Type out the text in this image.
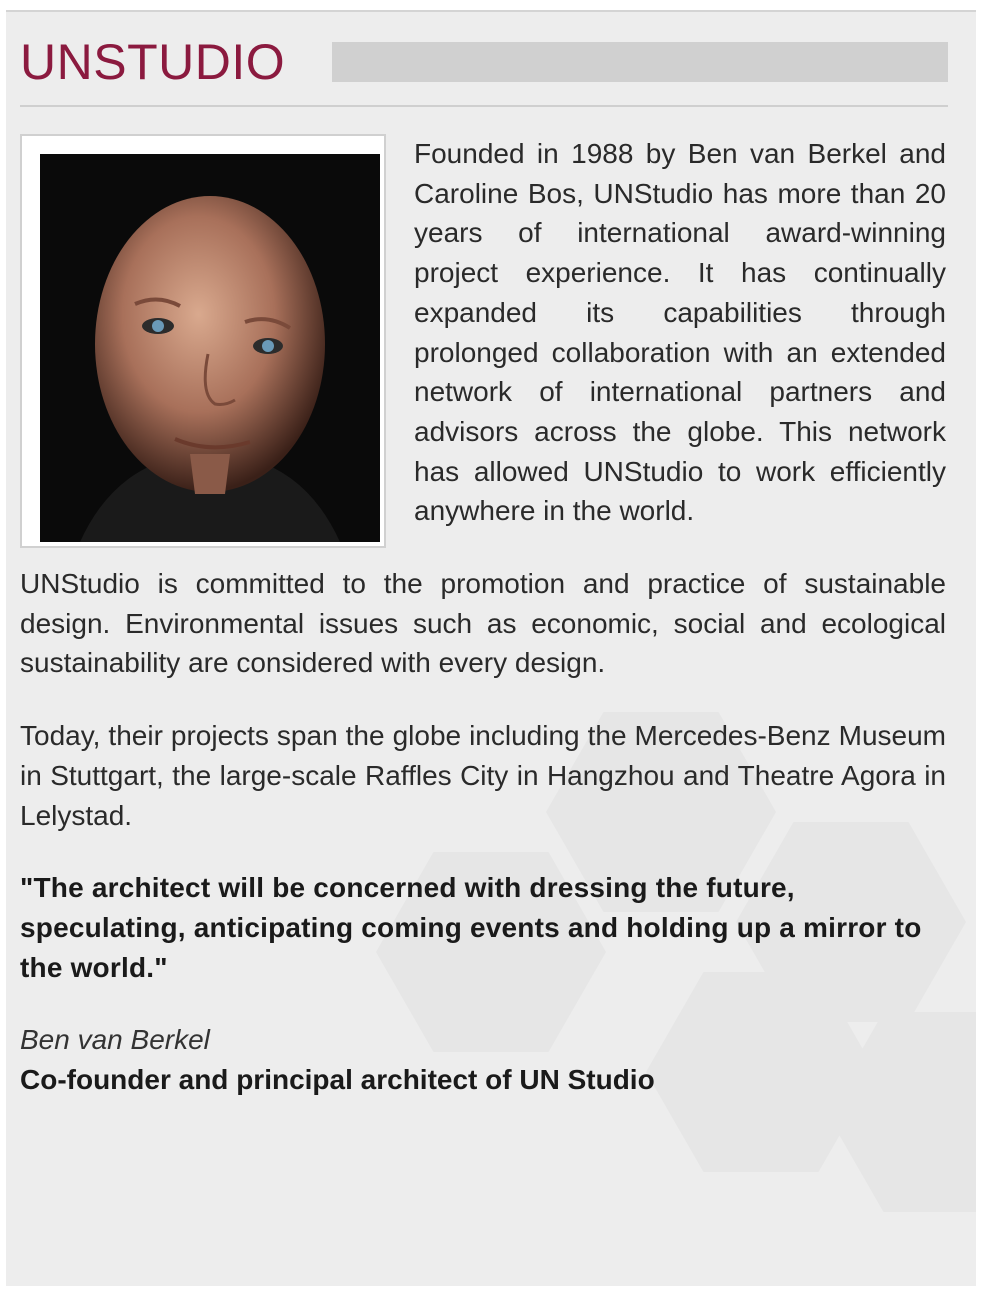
UNSTUDIO

Founded in 1988 by Ben van Berkel and Caroline Bos, UNStudio has more than 20 years of international award-winning project experience. It has continually expanded its capabilities through prolonged collaboration with an extended network of international partners and advisors across the globe. This network has allowed UNStudio to work efficiently anywhere in the world.

UNStudio is committed to the promotion and practice of sustainable design. Environmental issues such as economic, social and ecological sustainability are considered with every design.

Today, their projects span the globe including the Mercedes-Benz Museum in Stuttgart, the large-scale Raffles City in Hangzhou and Theatre Agora in Lelystad.

"The architect will be concerned with dressing the future, speculating, anticipating coming events and holding up a mirror to the world."

Ben van Berkel
Co-founder and principal architect of UN Studio
